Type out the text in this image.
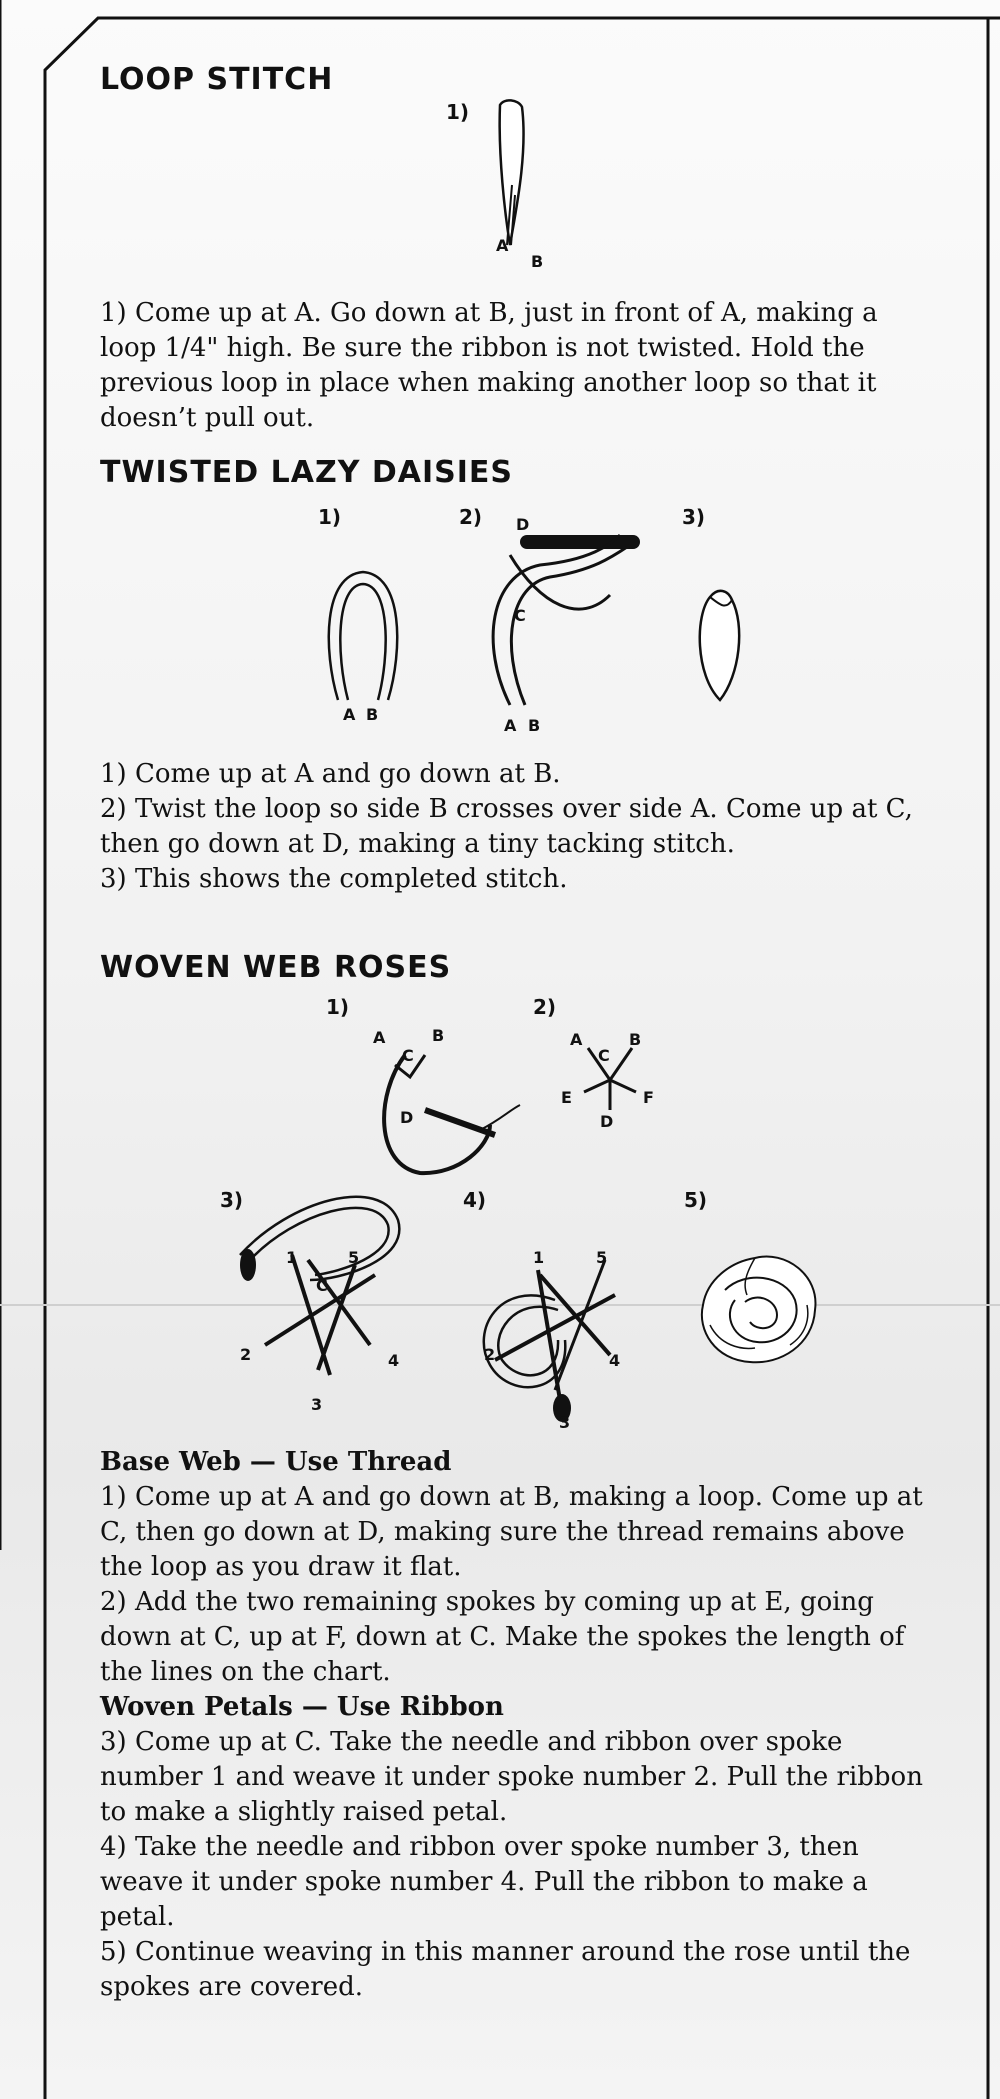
LOOP STITCH
1)
A
B

1) Come up at A. Go down at B, just in front of A, making a loop 1/4" high. Be sure the ribbon is not twisted. Hold the previous loop in place when making another loop so that it doesn’t pull out.

TWISTED LAZY DAISIES
1)	2)	3)
A B
D
C
A B

1) Come up at A and go down at B.

2) Twist the loop so side B crosses over side A. Come up at C, then go down at D, making a tiny tacking stitch.

3) This shows the completed stitch.

WOVEN WEB ROSES
1)	2)
A	B
C
D
A	B
C
E	F
D
3)	4)	5)
1	5
C
2	4
3
1	5
2	4
3

Base Web — Use Thread

1) Come up at A and go down at B, making a loop. Come up at C, then go down at D, making sure the thread remains above the loop as you draw it flat.

2) Add the two remaining spokes by coming up at E, going down at C, up at F, down at C. Make the spokes the length of the lines on the chart.

Woven Petals — Use Ribbon

3) Come up at C. Take the needle and ribbon over spoke number 1 and weave it under spoke number 2. Pull the ribbon to make a slightly raised petal.

4) Take the needle and ribbon over spoke number 3, then weave it under spoke number 4. Pull the ribbon to make a petal.

5) Continue weaving in this manner around the rose until the spokes are covered.
